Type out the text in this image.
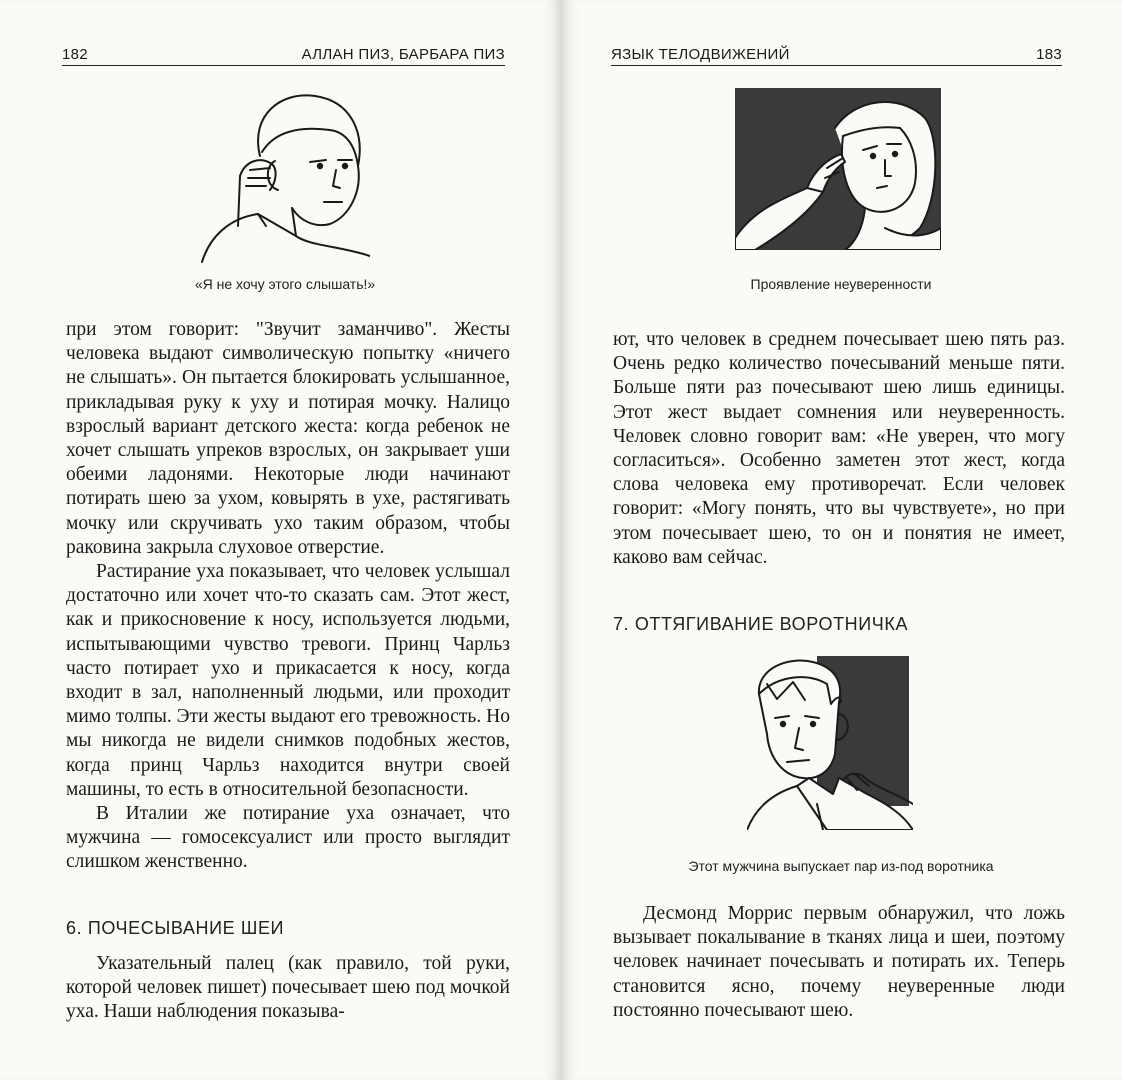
182	АЛЛАН ПИЗ, БАРБАРА ПИЗ
«Я не хочу этого слышать!»

при этом говорит: "Звучит заманчиво". Жесты человека выдают символическую попытку «ничего не слышать». Он пытается блокировать услышанное, прикладывая руку к уху и потирая мочку. Налицо взрослый вариант детского жеста: когда ребенок не хочет слышать упреков взрослых, он закрывает уши обеими ладонями. Некоторые люди начинают потирать шею за ухом, ковырять в ухе, растягивать мочку или скручивать ухо таким образом, чтобы раковина закрыла слуховое отверстие.

Растирание уха показывает, что человек услышал достаточно или хочет что-то сказать сам. Этот жест, как и прикосновение к носу, используется людьми, испытывающими чувство тревоги. Принц Чарльз часто потирает ухо и прикасается к носу, когда входит в зал, наполненный людьми, или проходит мимо толпы. Эти жесты выдают его тревожность. Но мы никогда не видели снимков подобных жестов, когда принц Чарльз находится внутри своей машины, то есть в относительной безопасности.

В Италии же потирание уха означает, что мужчина — гомосексуалист или просто выглядит слишком женственно.

6. ПОЧЕСЫВАНИЕ ШЕИ

Указательный палец (как правило, той руки, которой человек пишет) почесывает шею под мочкой уха. Наши наблюдения показыва-

ЯЗЫК ТЕЛОДВИЖЕНИЙ	183
Проявление неуверенности

ют, что человек в среднем почесывает шею пять раз. Очень редко количество почесываний меньше пяти. Больше пяти раз почесывают шею лишь единицы. Этот жест выдает сомнения или неуверенность. Человек словно говорит вам: «Не уверен, что могу согласиться». Особенно заметен этот жест, когда слова человека ему противоречат. Если человек говорит: «Могу понять, что вы чувствуете», но при этом почесывает шею, то он и понятия не имеет, каково вам сейчас.

7. ОТТЯГИВАНИЕ ВОРОТНИЧКА
Этот мужчина выпускает пар из-под воротника

Десмонд Моррис первым обнаружил, что ложь вызывает покалывание в тканях лица и шеи, поэтому человек начинает почесывать и потирать их. Теперь становится ясно, почему неуверенные люди постоянно почесывают шею.
